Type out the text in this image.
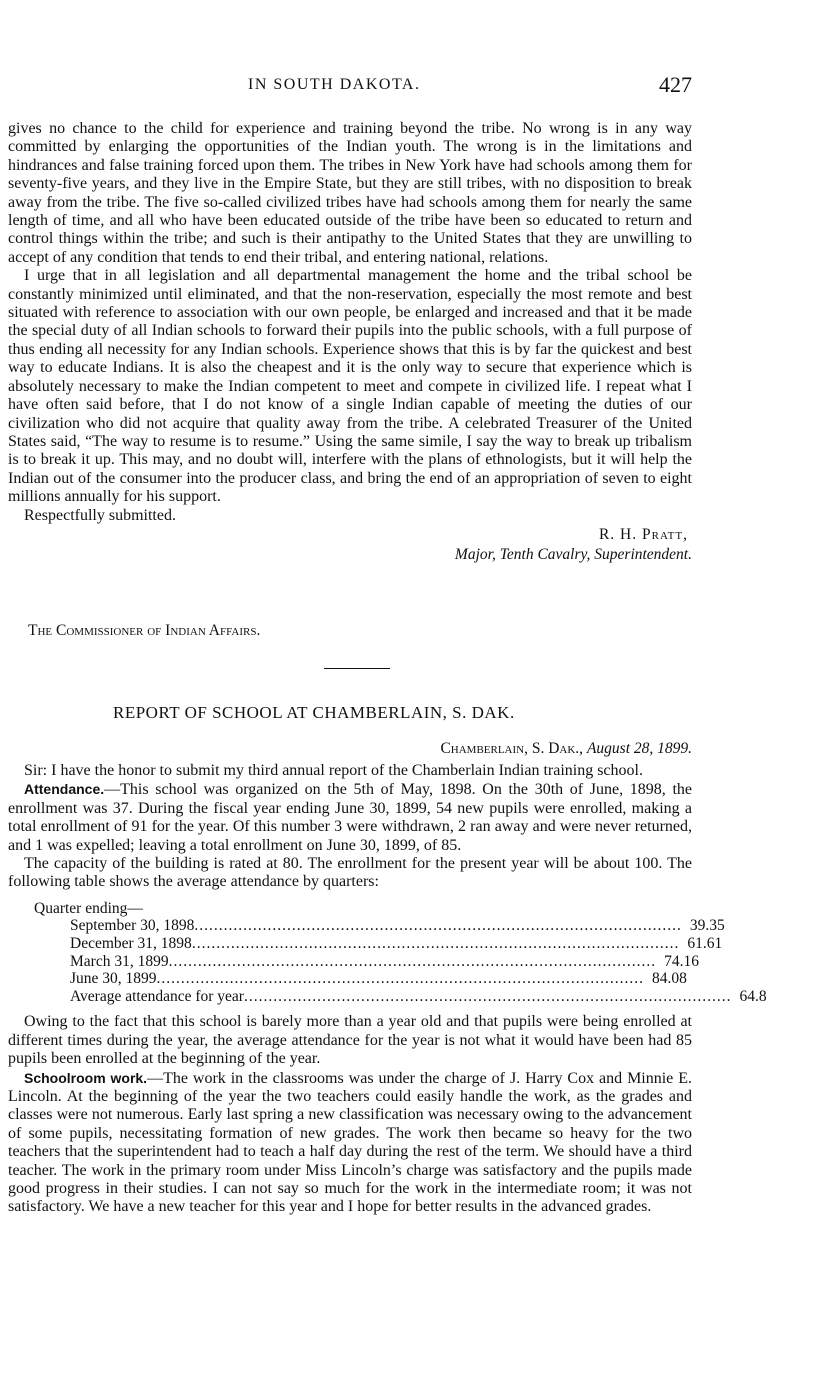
IN SOUTH DAKOTA.	427

gives no chance to the child for experience and training beyond the tribe. No wrong is in any way committed by enlarging the opportunities of the Indian youth. The wrong is in the limitations and hindrances and false training forced upon them. The tribes in New York have had schools among them for seventy-five years, and they live in the Empire State, but they are still tribes, with no disposition to break away from the tribe. The five so-called civilized tribes have had schools among them for nearly the same length of time, and all who have been educated outside of the tribe have been so educated to return and control things within the tribe; and such is their antipathy to the United States that they are unwilling to accept of any condition that tends to end their tribal, and entering national, relations.

I urge that in all legislation and all departmental management the home and the tribal school be constantly minimized until eliminated, and that the non-reservation, especially the most remote and best situated with reference to association with our own people, be enlarged and increased and that it be made the special duty of all Indian schools to forward their pupils into the public schools, with a full purpose of thus ending all necessity for any Indian schools. Experience shows that this is by far the quickest and best way to educate Indians. It is also the cheapest and it is the only way to secure that experience which is absolutely necessary to make the Indian competent to meet and compete in civilized life. I repeat what I have often said before, that I do not know of a single Indian capable of meeting the duties of our civilization who did not acquire that quality away from the tribe. A celebrated Treasurer of the United States said, “The way to resume is to resume.” Using the same simile, I say the way to break up tribalism is to break it up. This may, and no doubt will, interfere with the plans of ethnologists, but it will help the Indian out of the consumer into the producer class, and bring the end of an appropriation of seven to eight millions annually for his support.

Respectfully submitted.

R. H. Pratt,
Major, Tenth Cavalry, Superintendent.
The Commissioner of Indian Affairs.
REPORT OF SCHOOL AT CHAMBERLAIN, S. DAK.
Chamberlain, S. Dak., August 28, 1899.

Sir: I have the honor to submit my third annual report of the Chamberlain Indian training school.

Attendance.—This school was organized on the 5th of May, 1898. On the 30th of June, 1898, the enrollment was 37. During the fiscal year ending June 30, 1899, 54 new pupils were enrolled, making a total enrollment of 91 for the year. Of this number 3 were withdrawn, 2 ran away and were never returned, and 1 was expelled; leaving a total enrollment on June 30, 1899, of 85.

The capacity of the building is rated at 80. The enrollment for the present year will be about 100. The following table shows the average attendance by quarters:

Quarter ending—
September 30, 1898 .................................................................................................... 39.35
December 31, 1898 .................................................................................................... 61.61
March 31, 1899 .................................................................................................... 74.16
June 30, 1899 .................................................................................................... 84.08
Average attendance for year .................................................................................................... 64.8

Owing to the fact that this school is barely more than a year old and that pupils were being enrolled at different times during the year, the average attendance for the year is not what it would have been had 85 pupils been enrolled at the beginning of the year.

Schoolroom work.—The work in the classrooms was under the charge of J. Harry Cox and Minnie E. Lincoln. At the beginning of the year the two teachers could easily handle the work, as the grades and classes were not numerous. Early last spring a new classification was necessary owing to the advancement of some pupils, necessitating formation of new grades. The work then became so heavy for the two teachers that the superintendent had to teach a half day during the rest of the term. We should have a third teacher. The work in the primary room under Miss Lincoln’s charge was satisfactory and the pupils made good progress in their studies. I can not say so much for the work in the intermediate room; it was not satisfactory. We have a new teacher for this year and I hope for better results in the advanced grades.
